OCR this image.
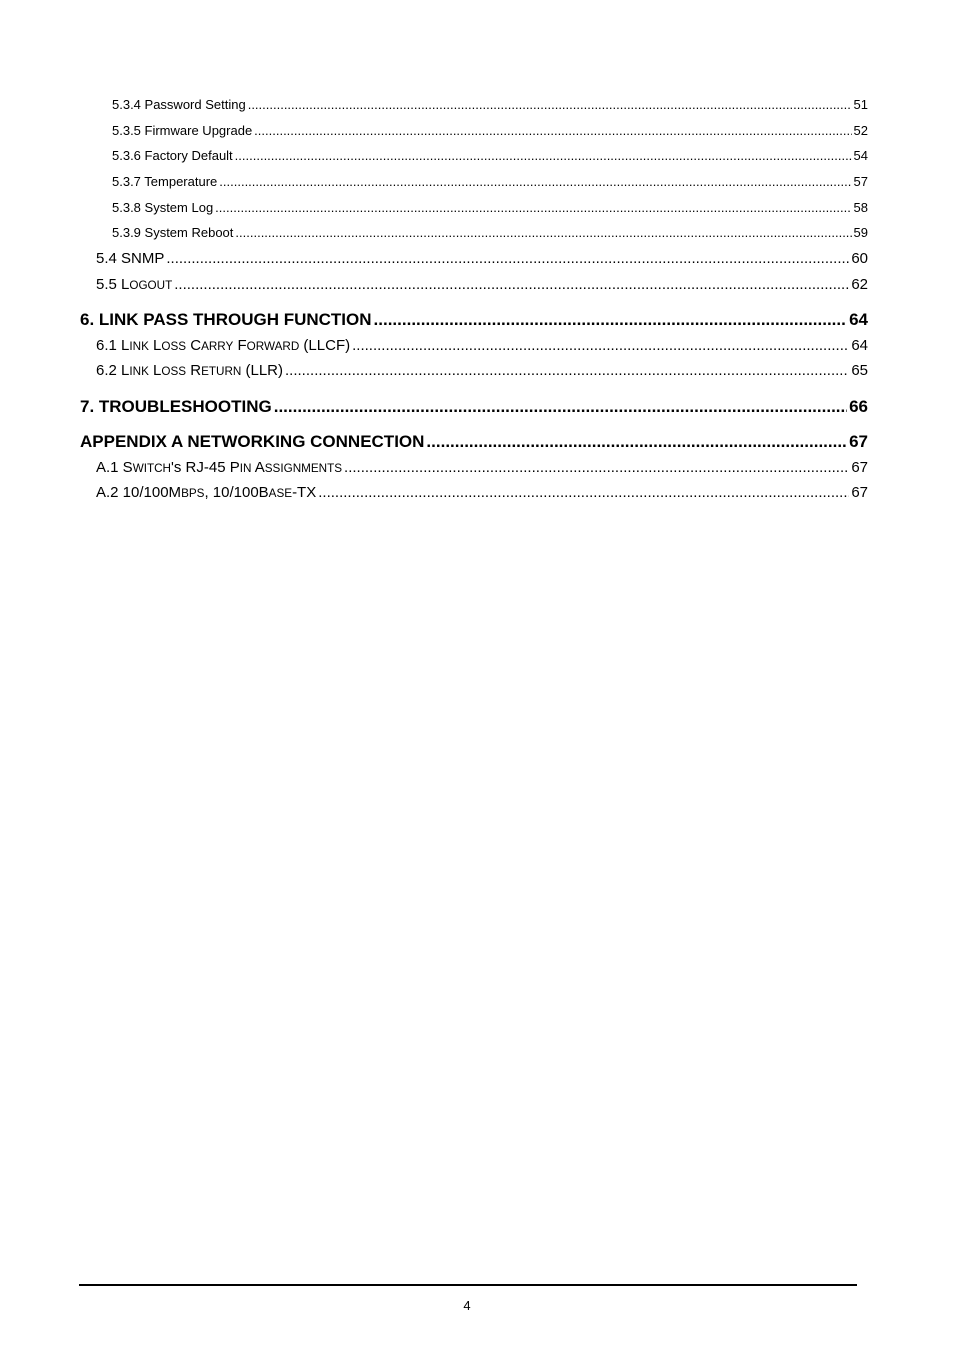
5.3.4 Password Setting .....	51
5.3.5 Firmware Upgrade .....	52
5.3.6 Factory Default .....	54
5.3.7 Temperature .....	57
5.3.8 System Log .....	58
5.3.9 System Reboot .....	59
5.4 SNMP .....	60
5.5 LOGOUT .....	62
6. LINK PASS THROUGH FUNCTION .....	64
6.1 LINK LOSS CARRY FORWARD (LLCF) .....	64
6.2 LINK LOSS RETURN (LLR) .....	65
7. TROUBLESHOOTING .....	66
APPENDIX A NETWORKING CONNECTION .....	67
A.1 SWITCH's RJ-45 PIN ASSIGNMENTS .....	67
A.2 10/100MBPS, 10/100BASE-TX .....	67
4
